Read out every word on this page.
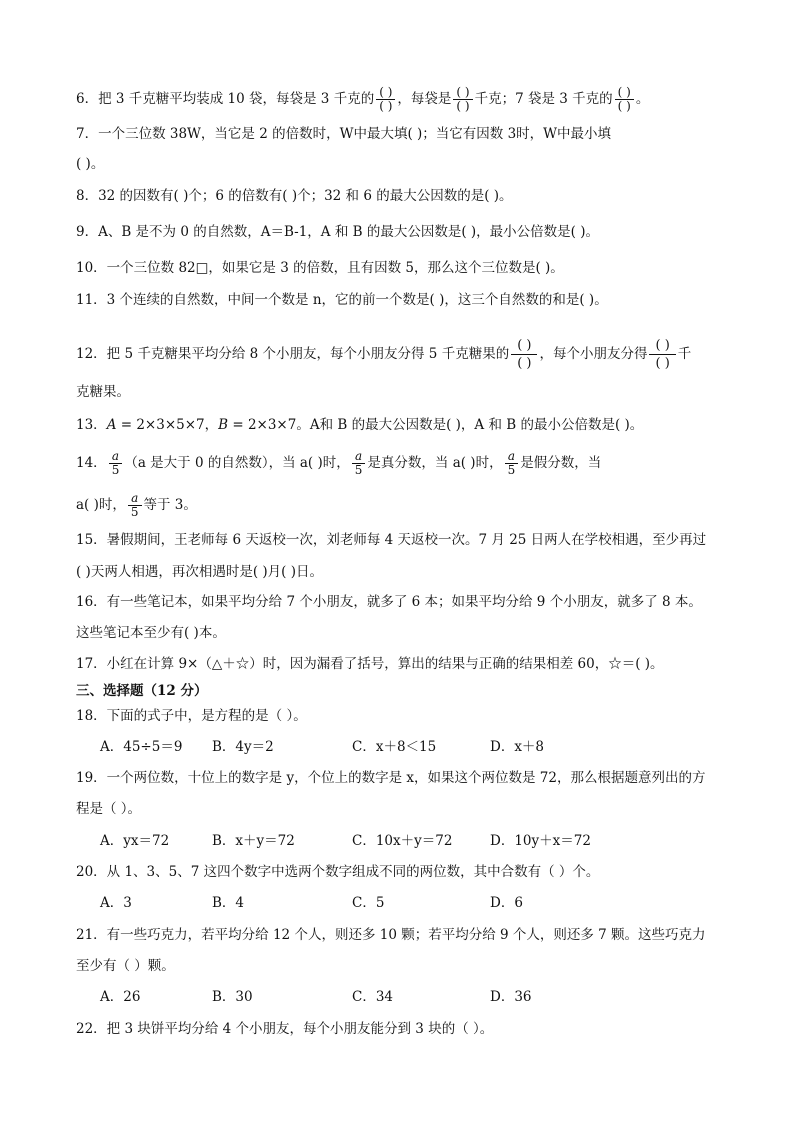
6．把 3 千克糖平均装成 10 袋，每袋是 3 千克的 $\frac{( )}{( )}$ ，每袋是 $\frac{( )}{( )}$ 千克；7 袋是 3 千克的 $\frac{( )}{( )}$ 。
7．一个三位数 38W，当它是 2 的倍数时，W中最大填( )；当它有因数 3时，W中最小填
( )。
8．32 的因数有( )个；6 的倍数有( )个；32 和 6 的最大公因数的是( )。
9．A、B 是不为 0 的自然数，A＝B-1，A 和 B 的最大公因数是( )，最小公倍数是( )。
10．一个三位数 82□，如果它是 3 的倍数，且有因数 5，那么这个三位数是( )。
11．3 个连续的自然数，中间一个数是 n，它的前一个数是( )，这三个自然数的和是( )。
12．把 5 千克糖果平均分给 8 个小朋友，每个小朋友分得 5 千克糖果的 $\frac{( )}{( )}$ ，每个小朋友分得 $\frac{( )}{( )}$ 千
克糖果。
13．A = 2×3×5×7，B = 2×3×7。A和 B 的最大公因数是( )，A 和 B 的最小公倍数是( )。
14． $\frac{a}{5} (a$ 是大于 0 的自然数），当 a( )时， $\frac{a}{5}$ 是真分数，当 a( )时， $\frac{a}{5}$ 是假分数，当
a( )时， $\frac{a}{5}$ 等于 3。
15．暑假期间，王老师每 6 天返校一次，刘老师每 4 天返校一次。7 月 25 日两人在学校相遇，至少再过
( )天两人相遇，再次相遇时是( )月( )日。
16．有一些笔记本，如果平均分给 7 个小朋友，就多了 6 本；如果平均分给 9 个小朋友，就多了 8 本。
这些笔记本至少有( )本。
17．小红在计算 9×（△＋☆）时，因为漏看了括号，算出的结果与正确的结果相差 60，☆＝( )。
三、选择题（12 分）
18．下面的式子中，是方程的是（ ）。
A．45÷5＝9 B．4y＝2	C．x＋8＜15	D．x＋8
19．一个两位数，十位上的数字是 y，个位上的数字是 x，如果这个两位数是 72，那么根据题意列出的方
程是（ ）。
A．yx＝72	B．x＋y＝72	C．10x＋y＝72	D．10y＋x＝72
20．从 1、3、5、7 这四个数字中选两个数字组成不同的两位数，其中合数有（ ）个。
A．3	B．4	C．5	D．6
21．有一些巧克力，若平均分给 12 个人，则还多 10 颗；若平均分给 9 个人，则还多 7 颗。这些巧克力
至少有（ ）颗。
A．26	B．30	C．34	D．36
22．把 3 块饼平均分给 4 个小朋友，每个小朋友能分到 3 块的（ ）。
